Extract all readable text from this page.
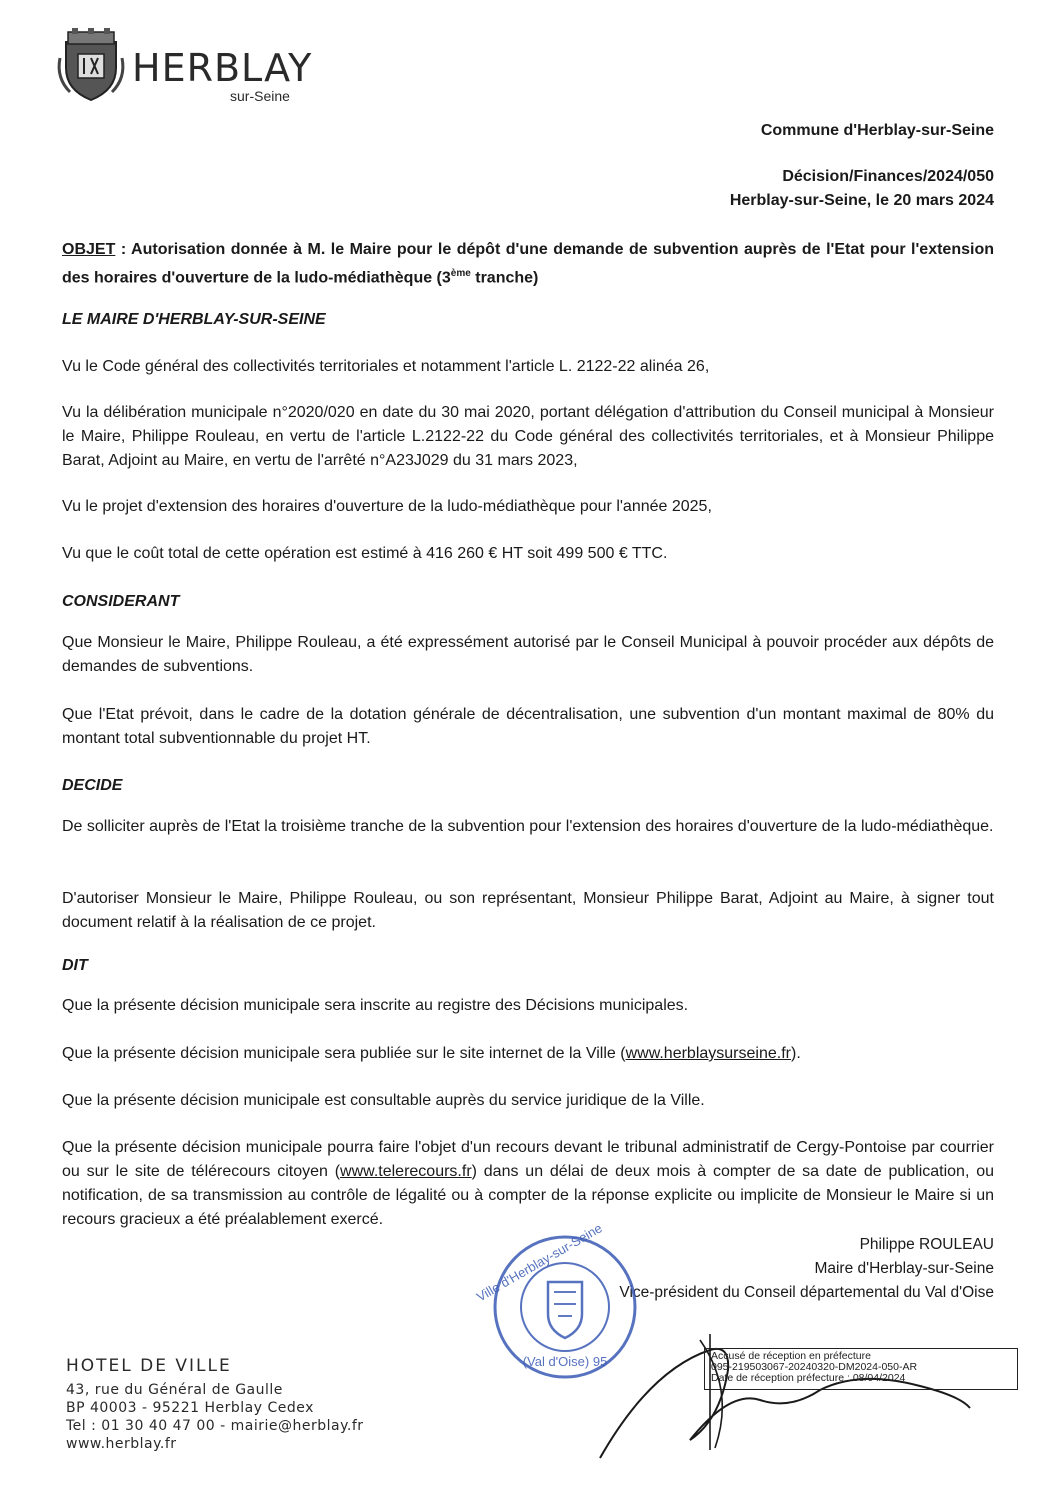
HERBLAY
sur-Seine
Commune d'Herblay-sur-Seine
Décision/Finances/2024/050
Herblay-sur-Seine, le 20 mars 2024
OBJET : Autorisation donnée à M. le Maire pour le dépôt d'une demande de subvention auprès de l'Etat pour l'extension des horaires d'ouverture de la ludo-médiathèque (3ème tranche)
LE MAIRE D'HERBLAY-SUR-SEINE
Vu le Code général des collectivités territoriales et notamment l'article L. 2122-22 alinéa 26,
Vu la délibération municipale n°2020/020 en date du 30 mai 2020, portant délégation d'attribution du Conseil municipal à Monsieur le Maire, Philippe Rouleau, en vertu de l'article L.2122-22 du Code général des collectivités territoriales, et à Monsieur Philippe Barat, Adjoint au Maire, en vertu de l'arrêté n°A23J029 du 31 mars 2023,
Vu le projet d'extension des horaires d'ouverture de la ludo-médiathèque pour l'année 2025,
Vu que le coût total de cette opération est estimé à 416 260 € HT soit 499 500 € TTC.
CONSIDERANT
Que Monsieur le Maire, Philippe Rouleau, a été expressément autorisé par le Conseil Municipal à pouvoir procéder aux dépôts de demandes de subventions.
Que l'Etat prévoit, dans le cadre de la dotation générale de décentralisation, une subvention d'un montant maximal de 80% du montant total subventionnable du projet HT.
DECIDE
De solliciter auprès de l'Etat la troisième tranche de la subvention pour l'extension des horaires d'ouverture de la ludo-médiathèque.
D'autoriser Monsieur le Maire, Philippe Rouleau, ou son représentant, Monsieur Philippe Barat, Adjoint au Maire, à signer tout document relatif à la réalisation de ce projet.
DIT
Que la présente décision municipale sera inscrite au registre des Décisions municipales.
Que la présente décision municipale sera publiée sur le site internet de la Ville (www.herblaysurseine.fr).
Que la présente décision municipale est consultable auprès du service juridique de la Ville.
Que la présente décision municipale pourra faire l'objet d'un recours devant le tribunal administratif de Cergy-Pontoise par courrier ou sur le site de télérecours citoyen (www.telerecours.fr) dans un délai de deux mois à compter de sa date de publication, ou notification, de sa transmission au contrôle de légalité ou à compter de la réponse explicite ou implicite de Monsieur le Maire si un recours gracieux a été préalablement exercé.
Philippe ROULEAU
Maire d'Herblay-sur-Seine
Vice-président du Conseil départemental du Val d'Oise
Ville d'Herblay-sur-Seine
(Val d'Oise) 95	Accusé de réception en préfecture
095-219503067-20240320-DM2024-050-AR
Date de réception préfecture : 08/04/2024
HOTEL DE VILLE
43, rue du Général de Gaulle
BP 40003 - 95221 Herblay Cedex
Tel : 01 30 40 47 00 - mairie@herblay.fr
www.herblay.fr
